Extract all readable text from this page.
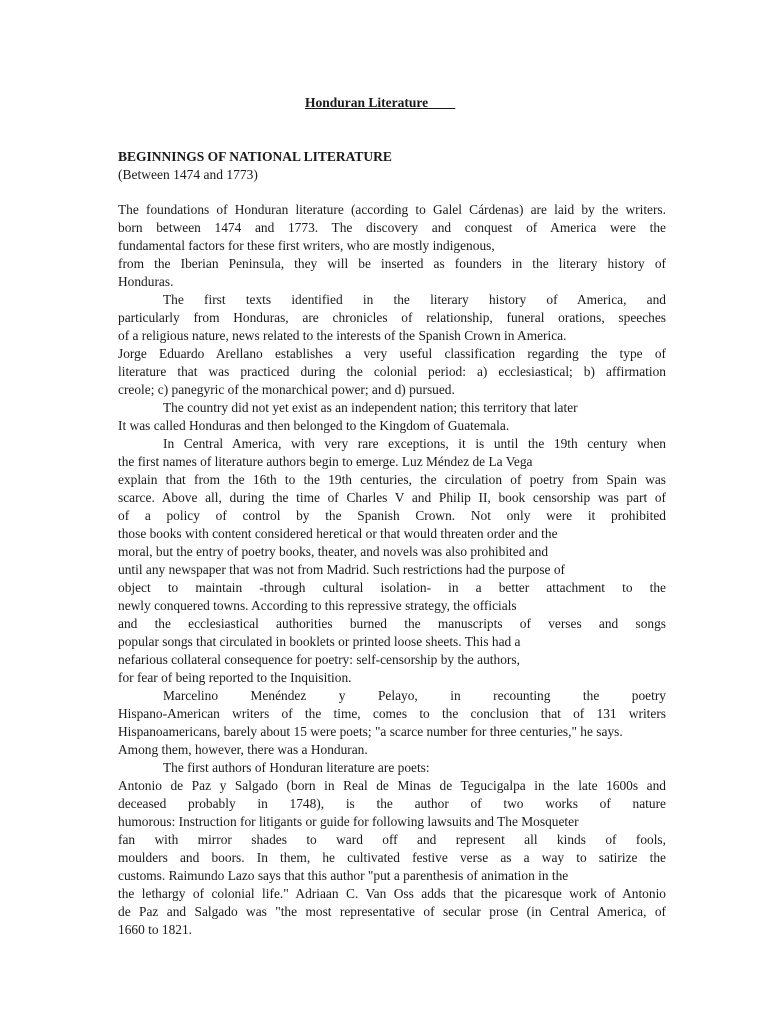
Honduran Literature____
BEGINNINGS OF NATIONAL LITERATURE
(Between 1474 and 1773)
The foundations of Honduran literature (according to Galel Cárdenas) are laid by the writers.
born between 1474 and 1773. The discovery and conquest of America were the
fundamental factors for these first writers, who are mostly indigenous,
from the Iberian Peninsula, they will be inserted as founders in the literary history of
Honduras.
The first texts identified in the literary history of America, and
particularly from Honduras, are chronicles of relationship, funeral orations, speeches
of a religious nature, news related to the interests of the Spanish Crown in America.
Jorge Eduardo Arellano establishes a very useful classification regarding the type of
literature that was practiced during the colonial period: a) ecclesiastical; b) affirmation
creole; c) panegyric of the monarchical power; and d) pursued.
The country did not yet exist as an independent nation; this territory that later
It was called Honduras and then belonged to the Kingdom of Guatemala.
In Central America, with very rare exceptions, it is until the 19th century when
the first names of literature authors begin to emerge. Luz Méndez de La Vega
explain that from the 16th to the 19th centuries, the circulation of poetry from Spain was
scarce. Above all, during the time of Charles V and Philip II, book censorship was part of
of a policy of control by the Spanish Crown. Not only were it prohibited
those books with content considered heretical or that would threaten order and the
moral, but the entry of poetry books, theater, and novels was also prohibited and
until any newspaper that was not from Madrid. Such restrictions had the purpose of
object to maintain -through cultural isolation- in a better attachment to the
newly conquered towns. According to this repressive strategy, the officials
and the ecclesiastical authorities burned the manuscripts of verses and songs
popular songs that circulated in booklets or printed loose sheets. This had a
nefarious collateral consequence for poetry: self-censorship by the authors,
for fear of being reported to the Inquisition.
Marcelino Menéndez y Pelayo, in recounting the poetry
Hispano-American writers of the time, comes to the conclusion that of 131 writers
Hispanoamericans, barely about 15 were poets; "a scarce number for three centuries," he says.
Among them, however, there was a Honduran.
The first authors of Honduran literature are poets:
Antonio de Paz y Salgado (born in Real de Minas de Tegucigalpa in the late 1600s and
deceased probably in 1748), is the author of two works of nature
humorous: Instruction for litigants or guide for following lawsuits and The Mosqueter
fan with mirror shades to ward off and represent all kinds of fools,
moulders and boors. In them, he cultivated festive verse as a way to satirize the
customs. Raimundo Lazo says that this author "put a parenthesis of animation in the
the lethargy of colonial life." Adriaan C. Van Oss adds that the picaresque work of Antonio
de Paz and Salgado was "the most representative of secular prose (in Central America, of
1660 to 1821.
